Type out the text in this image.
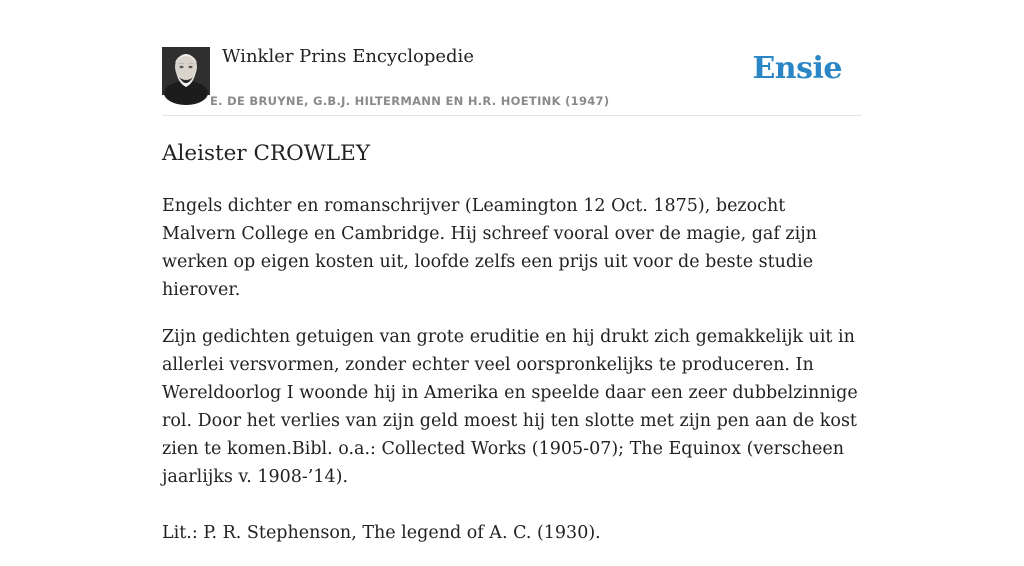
Winkler Prins Encyclopedie
E. DE BRUYNE, G.B.J. HILTERMANN EN H.R. HOETINK (1947)
Ensie
Aleister CROWLEY

Engels dichter en romanschrijver (Leamington 12 Oct. 1875), bezocht Malvern College en Cambridge. Hij schreef vooral over de magie, gaf zijn werken op eigen kosten uit, loofde zelfs een prijs uit voor de beste studie hierover.

Zijn gedichten getuigen van grote eruditie en hij drukt zich gemakkelijk uit in allerlei versvormen, zonder echter veel oorspronkelijks te produceren. In Wereldoorlog I woonde hij in Amerika en speelde daar een zeer dubbelzinnige rol. Door het verlies van zijn geld moest hij ten slotte met zijn pen aan de kost zien te komen.Bibl. o.a.: Collected Works (1905-07); The Equinox (verscheen jaarlijks v. 1908-’14).

Lit.: P. R. Stephenson, The legend of A. C. (1930).
